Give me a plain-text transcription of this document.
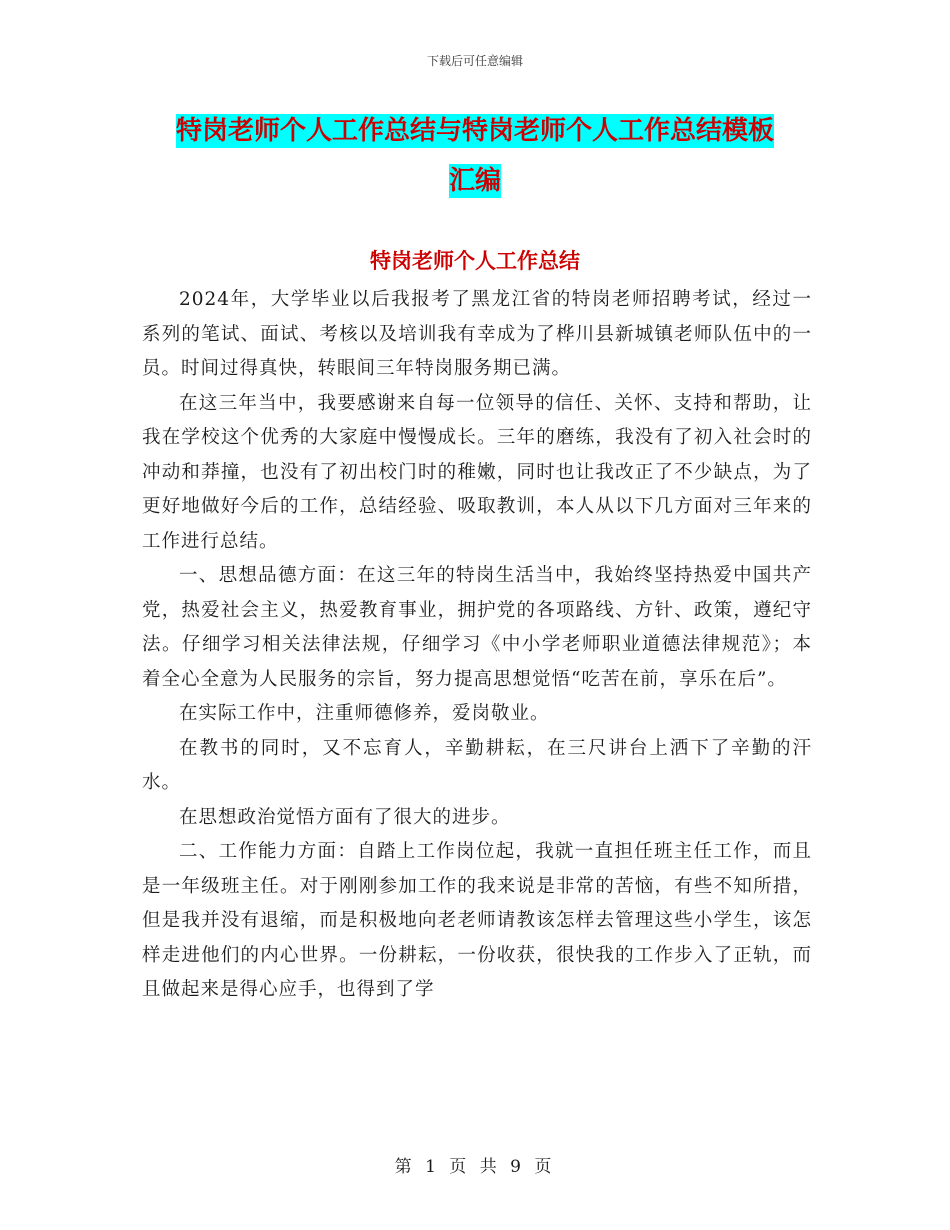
下载后可任意编辑
特岗老师个人工作总结与特岗老师个人工作总结模板
汇编
特岗老师个人工作总结

2024年，大学毕业以后我报考了黑龙江省的特岗老师招聘考试，经过一系列的笔试、面试、考核以及培训我有幸成为了桦川县新城镇老师队伍中的一员。时间过得真快，转眼间三年特岗服务期已满。

在这三年当中，我要感谢来自每一位领导的信任、关怀、支持和帮助，让我在学校这个优秀的大家庭中慢慢成长。三年的磨练，我没有了初入社会时的冲动和莽撞，也没有了初出校门时的稚嫩，同时也让我改正了不少缺点，为了更好地做好今后的工作，总结经验、吸取教训，本人从以下几方面对三年来的工作进行总结。

一、思想品德方面：在这三年的特岗生活当中，我始终坚持热爱中国共产党，热爱社会主义，热爱教育事业，拥护党的各项路线、方针、政策，遵纪守法。仔细学习相关法律法规，仔细学习《中小学老师职业道德法律规范》；本着全心全意为人民服务的宗旨，努力提高思想觉悟“吃苦在前，享乐在后”。

在实际工作中，注重师德修养，爱岗敬业。

在教书的同时，又不忘育人，辛勤耕耘，在三尺讲台上洒下了辛勤的汗水。

在思想政治觉悟方面有了很大的进步。

二、工作能力方面：自踏上工作岗位起，我就一直担任班主任工作，而且是一年级班主任。对于刚刚参加工作的我来说是非常的苦恼，有些不知所措，但是我并没有退缩，而是积极地向老老师请教该怎样去管理这些小学生，该怎样走进他们的内心世界。一份耕耘，一份收获，很快我的工作步入了正轨，而且做起来是得心应手，也得到了学

第 1 页 共 9 页
